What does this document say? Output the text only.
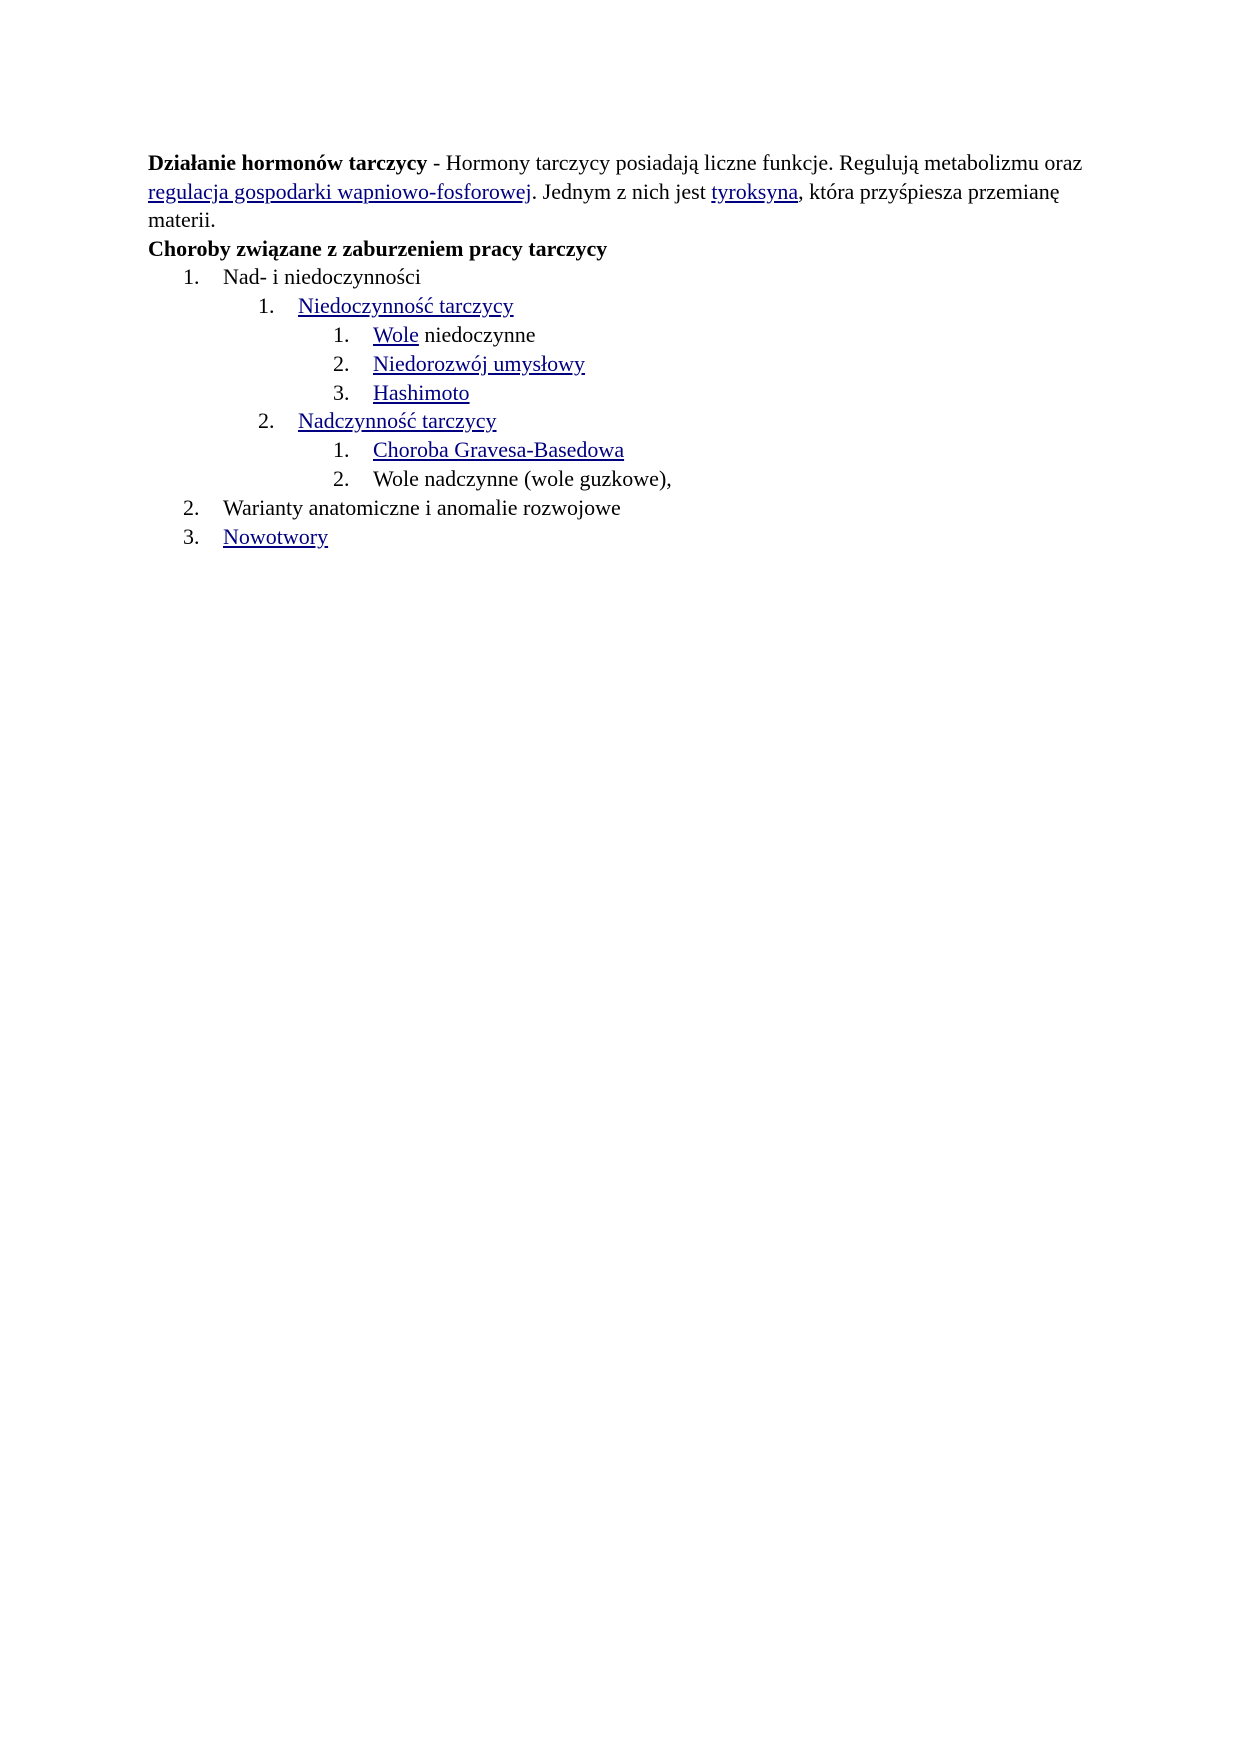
Działanie hormonów tarczycy - Hormony tarczycy posiadają liczne funkcje. Regulują metabolizmu oraz regulacja gospodarki wapniowo-fosforowej. Jednym z nich jest tyroksyna, która przyśpiesza przemianę materii.

Choroby związane z zaburzeniem pracy tarczycy

1. Nad- i niedoczynności
1. Niedoczynność tarczycy
1. Wole niedoczynne
2. Niedorozwój umysłowy
3. Hashimoto
2. Nadczynność tarczycy
1. Choroba Gravesa-Basedowa
2. Wole nadczynne (wole guzkowe),
2. Warianty anatomiczne i anomalie rozwojowe
3. Nowotwory
